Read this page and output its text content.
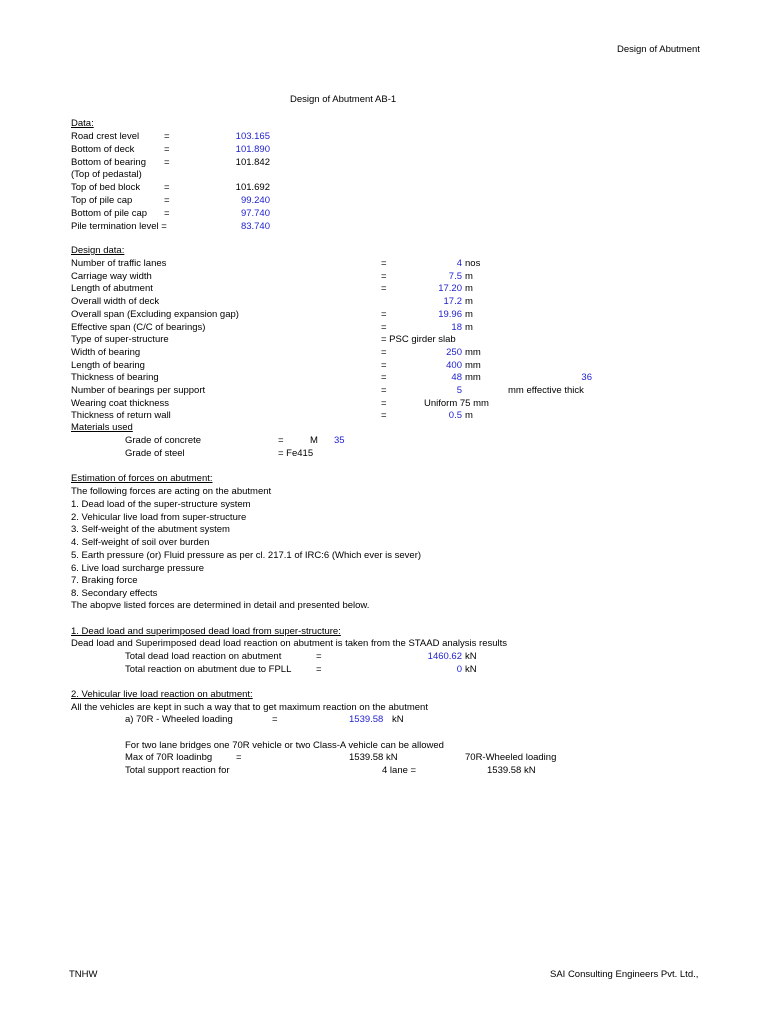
Design of Abutment
Design of Abutment AB-1
Data:
Road crest level	=	103.165
Bottom of deck	=	101.890
Bottom of bearing =	101.842
(Top of pedastal)
Top of bed block	=	101.692
Top of pile cap	=	99.240
Bottom of pile cap =	97.740
Pile termination level =	83.740
Design data:
Number of traffic lanes	=	4 nos
Carriage way width	=	7.5 m
Length of abutment	=	17.20 m
Overall width of deck	17.2 m
Overall span (Excluding expansion gap)	=	19.96 m
Effective span (C/C of bearings)	=	18 m
Type of super-structure	= PSC girder slab
Width of bearing	=	250 mm
Length of bearing	=	400 mm
Thickness of bearing	=	48 mm	36
Number of bearings per support	=	5	mm effective thick
Wearing coat thickness	=	Uniform 75 mm
Thickness of return wall	=	0.5 m
Materials used
Grade of concrete	=	M 35
Grade of steel	= Fe415
Estimation of forces on abutment:
The following forces are acting on the abutment
1. Dead load of the super-structure system
2. Vehicular live load from super-structure
3. Self-weight of the abutment system
4. Self-weight of soil over burden
5. Earth pressure (or) Fluid pressure as per cl. 217.1 of IRC:6 (Which ever is sever)
6. Live load surcharge pressure
7. Braking force
8. Secondary effects
The abopve listed forces are determined in detail and presented below.
1. Dead load and superimposed dead load from super-structure:
Dead load and Superimposed dead load reaction on abutment is taken from the STAAD analysis results
Total dead load reaction on abutment	=	1460.62 kN
Total reaction on abutment due to FPLL	=	0 kN
2. Vehicular live load reaction on abutment:
All the vehicles are kept in such a way that to get maximum reaction on the abutment
a) 70R - Wheeled loading	=	1539.58 kN
For two lane bridges one 70R vehicle or two Class-A vehicle can be allowed
Max of 70R loadinbg	=	1539.58 kN	70R-Wheeled loading
Total support reaction for	4 lane =	1539.58 kN
TNHW	SAI Consulting Engineers Pvt. Ltd.,
